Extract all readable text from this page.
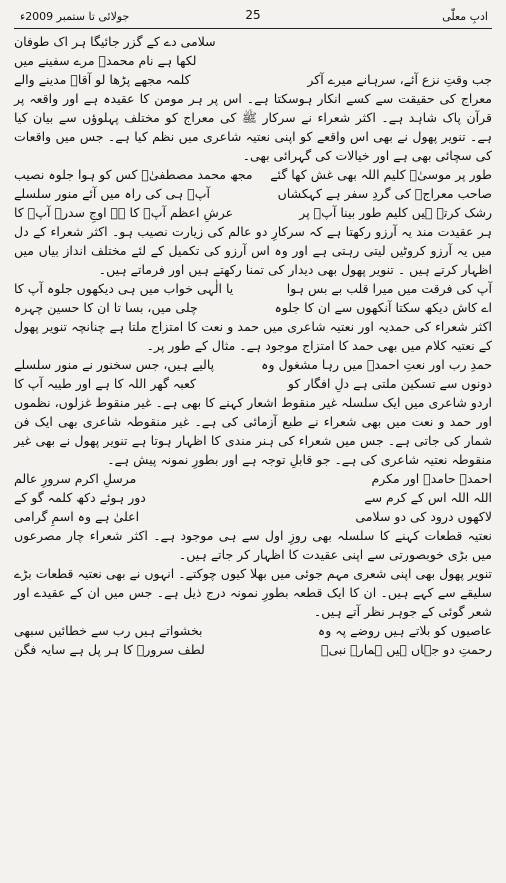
جولائی تا ستمبر 2009ء	25	ادبِ معلّٰی
سلامی دے کے گزر جائیگا ہر اک طوفان
لکھا ہے نام محمدؐ مرے سفینے میں
جب وقتِ نزع آئے، سرہانے میرے آکر
کلمہ مجھے پڑھا لو آقاؐ مدینے والے

معراج کی حقیقت سے کسے انکار ہوسکتا ہے۔ اس پر ہر مومن کا عقیدہ ہے اور واقعہ پر قرآن پاک شاہد ہے۔ اکثر شعراء نے سرکار ﷺ کی معراج کو مختلف پہلوؤں سے بیان کیا ہے۔ تنویر پھول نے بھی اس واقعے کو اپنی نعتیہ شاعری میں نظم کیا ہے۔ جس میں واقعات کی سچائی بھی ہے اور خیالات کی گہرائی بھی۔

طور پر موسیٰؑ کلیم اللہ بھی غش کھا گئے
مجھ محمد مصطفیٰؐ کس کو ہوا جلوہ نصیب
صاحب معراجؐ کی گردِ سفر ہے کہکشاں
آپؐ ہی کی راہ میں آئے منور سلسلے
رشک کرتے ہیں کلیم طور بینا آپؐ پر
عرشِ اعظم آپؐ کا ہے اوجِ سدرہ آپؐ کا

ہر عقیدت مند یہ آرزو رکھتا ہے کہ سرکارِ دو عالم کی زیارت نصیب ہو۔ اکثر شعراء کے دل میں یہ آرزو کروٹیں لیتی رہتی ہے اور وہ اس آرزو کی تکمیل کے لئے مختلف انداز بیاں میں اظہار کرتے ہیں ۔ تنویر پھول بھی دیدار کی تمنا رکھتے ہیں اور فرماتے ہیں۔

آپ کی فرقت میں میرا قلب بے بس ہوا
یا الٰہی خواب میں ہی دیکھوں جلوہ آپ کا
اے کاش دیکھ سکتا آنکھوں سے ان کا جلوہ
چلی میں، بسا تا ان کا حسین چہرہ

اکثر شعراء کی حمدیہ اور نعتیہ شاعری میں حمد و نعت کا امتزاج ملتا ہے چنانچہ تنویر پھول کے نعتیہ کلام میں بھی حمد کا امتزاج موجود ہے۔ مثال کے طور پر۔

حمدِ رب اور نعتِ احمدؐ میں رہا مشغول وہ
پالیے ہیں، جس سخنور نے منور سلسلے
دونوں سے تسکین ملتی ہے دلِ افگار کو
کعبہ گھر اللہ کا ہے اور طیبہ آپ کا

اردو شاعری میں ایک سلسلہ غیر منقوط اشعار کہنے کا بھی ہے۔ غیر منقوط غزلوں، نظموں اور حمد و نعت میں بھی شعراء نے طبع آزمائی کی ہے۔ غیر منقوطہ شاعری بھی ایک فن شمار کی جاتی ہے۔ جس میں شعراء کی ہنر مندی کا اظہار ہوتا ہے تنویر پھول نے بھی غیر منقوطہ نعتیہ شاعری کی ہے۔ جو قابلِ توجہ ہے اور بطورِ نمونہ پیش ہے۔

احمدؐ حامدؐ اور مکرم
مرسلِ اکرم سرورِ عالم
اللہ اللہ اس کے کرم سے
دور ہوئے دکھ کلمہ گو کے
لاکھوں درود کی دو سلامی
اعلیٰ ہے وہ اسمِ گرامی

نعتیہ قطعات کہنے کا سلسلہ بھی روزِ اول سے ہی موجود ہے۔ اکثر شعراء چار مصرعوں میں بڑی خوبصورتی سے اپنی عقیدت کا اظہار کر جاتے ہیں۔

تنویر پھول بھی اپنی شعری مہم جوئی میں بھلا کیوں چوکتے۔ انہوں نے بھی نعتیہ قطعات بڑے سلیقے سے کہے ہیں۔ ان کا ایک قطعہ بطورِ نمونہ درج ذیل ہے۔ جس میں ان کے عقیدے اور شعر گوئی کے جوہر نظر آتے ہیں۔

عاصیوں کو بلاتے ہیں روضے پہ وہ
بخشواتے ہیں رب سے خطائیں سبھی
رحمتِ دو جہاں ہیں ہمارے نبیؐ
لطف سرورؐ کا ہر پل ہے سایہ فگن
